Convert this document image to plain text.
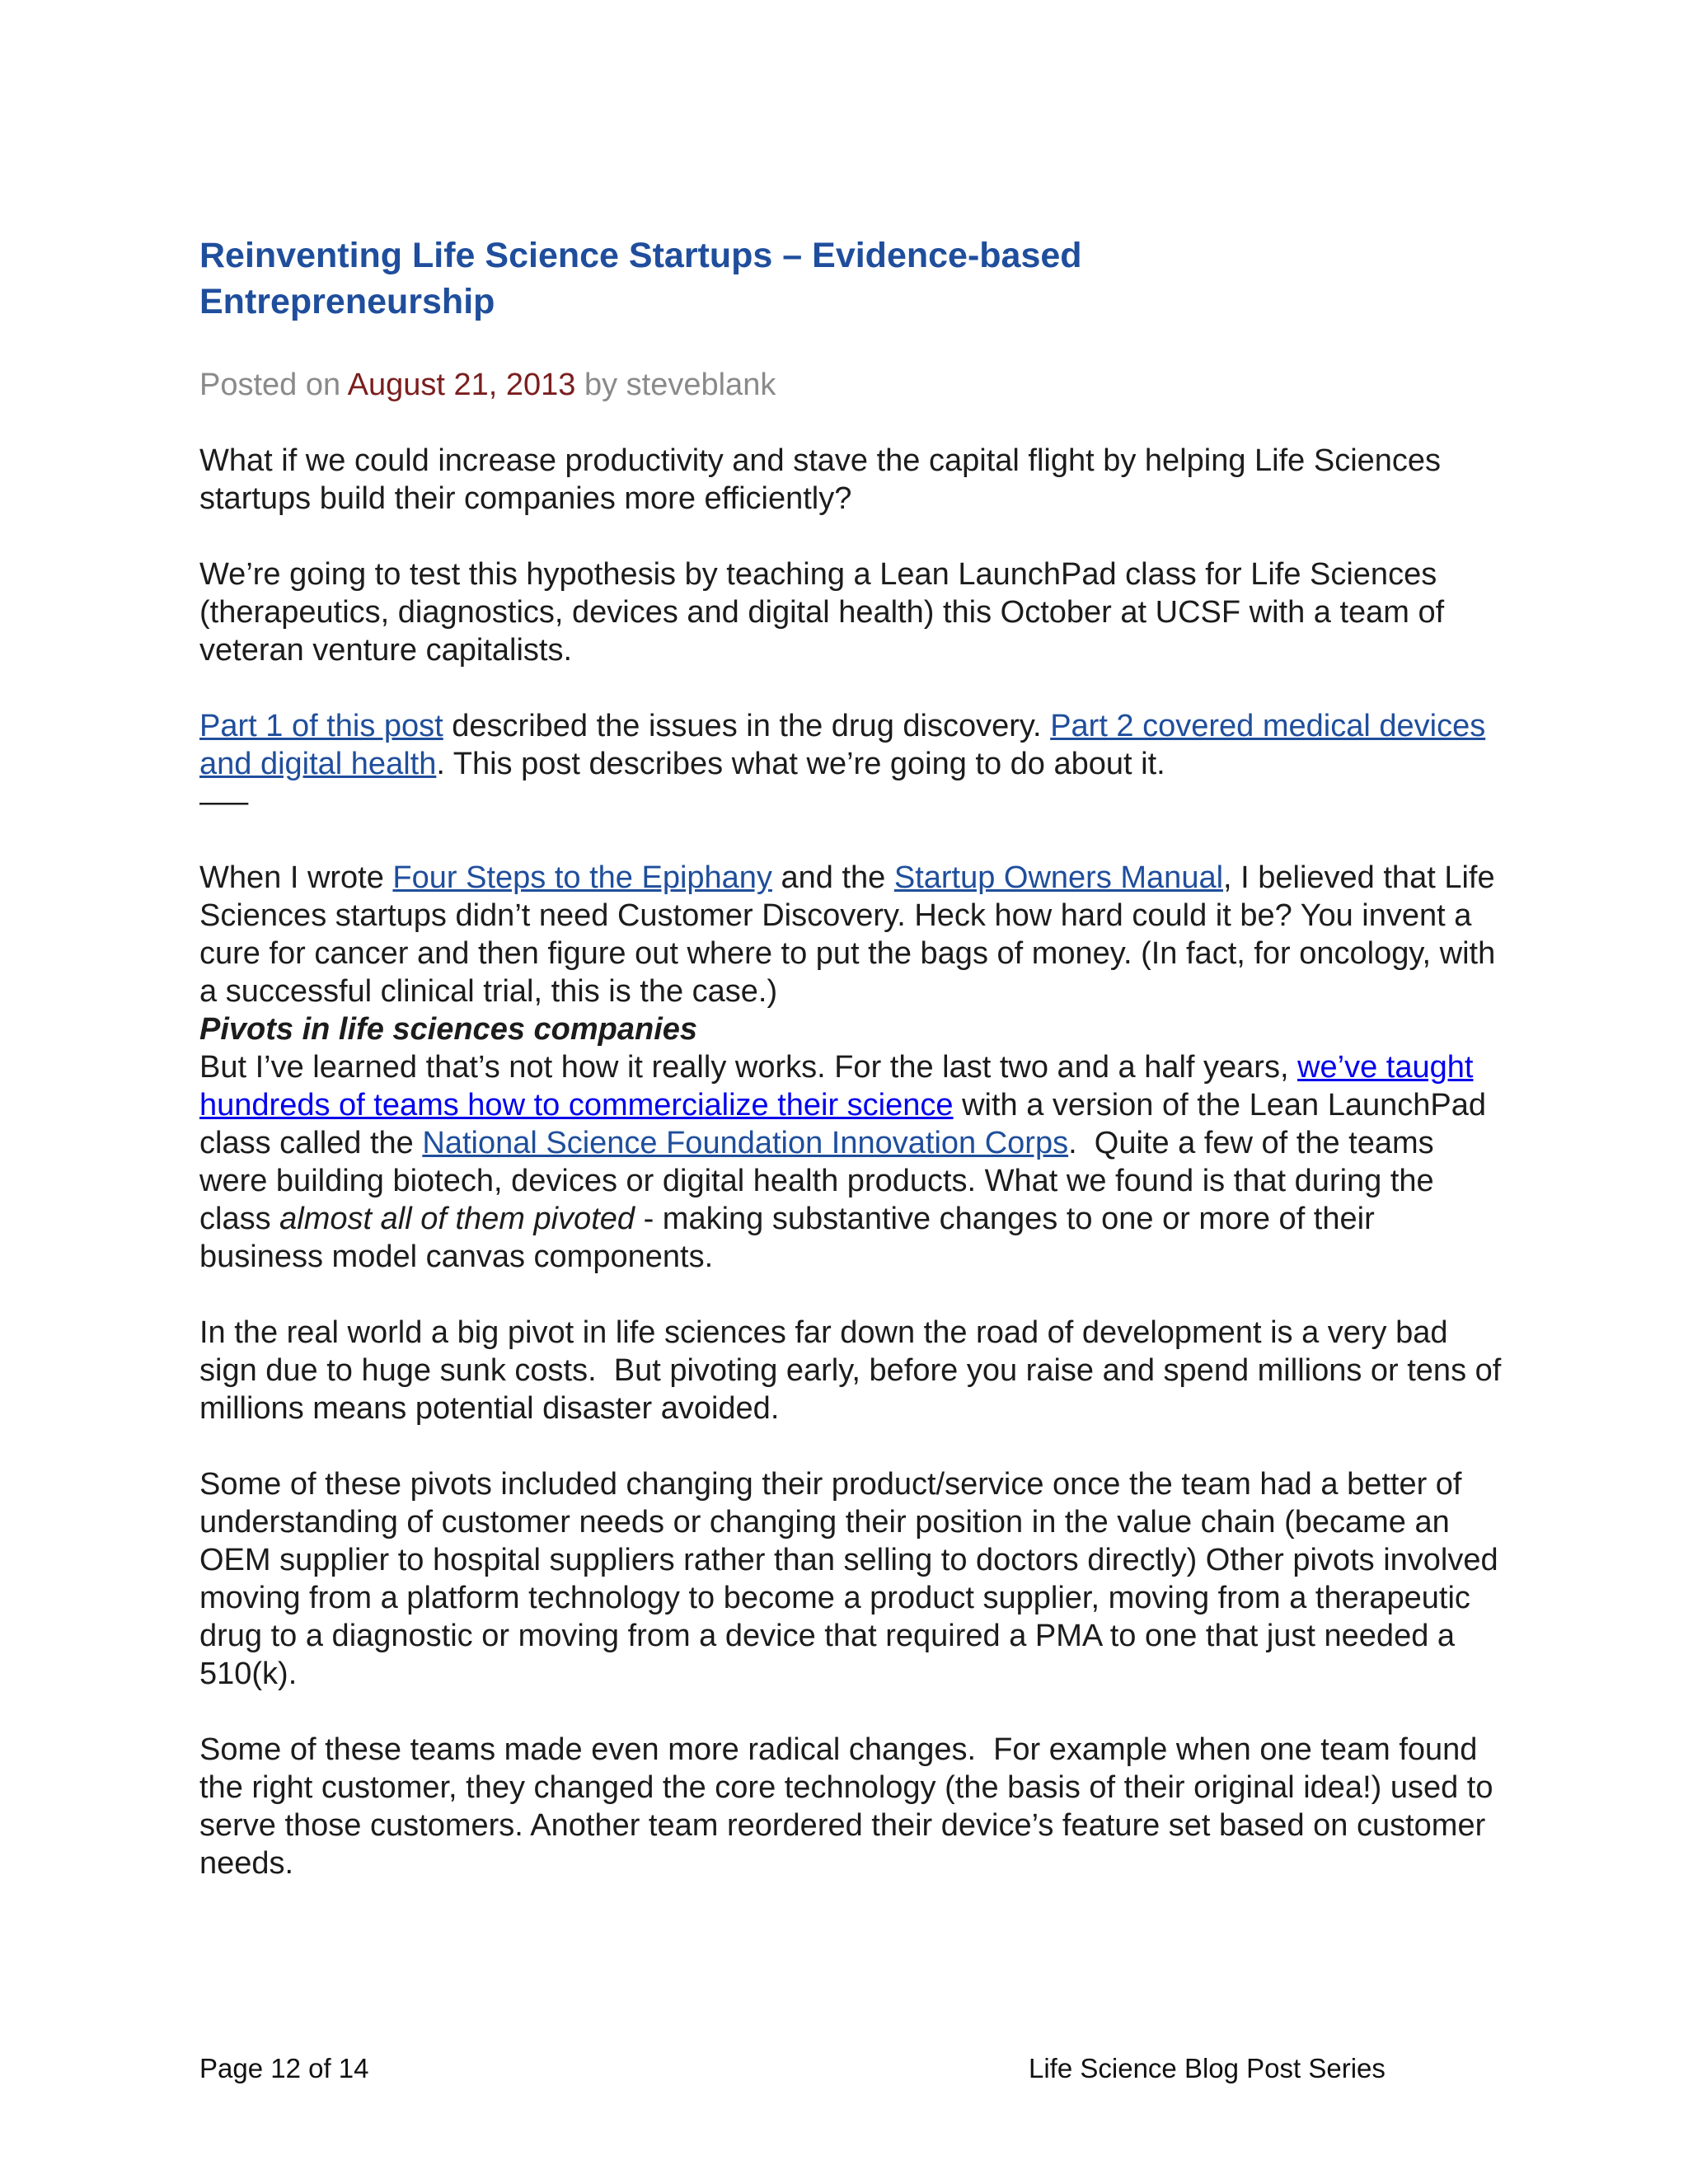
Reinventing Life Science Startups – Evidence-based Entrepreneurship
Posted on August 21, 2013 by steveblank

What if we could increase productivity and stave the capital flight by helping Life Sciences startups build their companies more efficiently?

We’re going to test this hypothesis by teaching a Lean LaunchPad class for Life Sciences (therapeutics, diagnostics, devices and digital health) this October at UCSF with a team of veteran venture capitalists.

Part 1 of this post described the issues in the drug discovery. Part 2 covered medical devices and digital health. This post describes what we’re going to do about it.

–––

When I wrote Four Steps to the Epiphany and the Startup Owners Manual, I believed that Life Sciences startups didn’t need Customer Discovery. Heck how hard could it be? You invent a cure for cancer and then figure out where to put the bags of money. (In fact, for oncology, with a successful clinical trial, this is the case.)

Pivots in life sciences companies

But I’ve learned that’s not how it really works. For the last two and a half years, we’ve taught hundreds of teams how to commercialize their science with a version of the Lean LaunchPad class called the National Science Foundation Innovation Corps.  Quite a few of the teams were building biotech, devices or digital health products. What we found is that during the class almost all of them pivoted - making substantive changes to one or more of their business model canvas components.

In the real world a big pivot in life sciences far down the road of development is a very bad sign due to huge sunk costs.  But pivoting early, before you raise and spend millions or tens of millions means potential disaster avoided.

Some of these pivots included changing their product/service once the team had a better of understanding of customer needs or changing their position in the value chain (became an OEM supplier to hospital suppliers rather than selling to doctors directly) Other pivots involved moving from a platform technology to become a product supplier, moving from a therapeutic drug to a diagnostic or moving from a device that required a PMA to one that just needed a 510(k).

Some of these teams made even more radical changes.  For example when one team found the right customer, they changed the core technology (the basis of their original idea!) used to serve those customers. Another team reordered their device’s feature set based on customer needs.

Page 12 of 14	Life Science Blog Post Series
